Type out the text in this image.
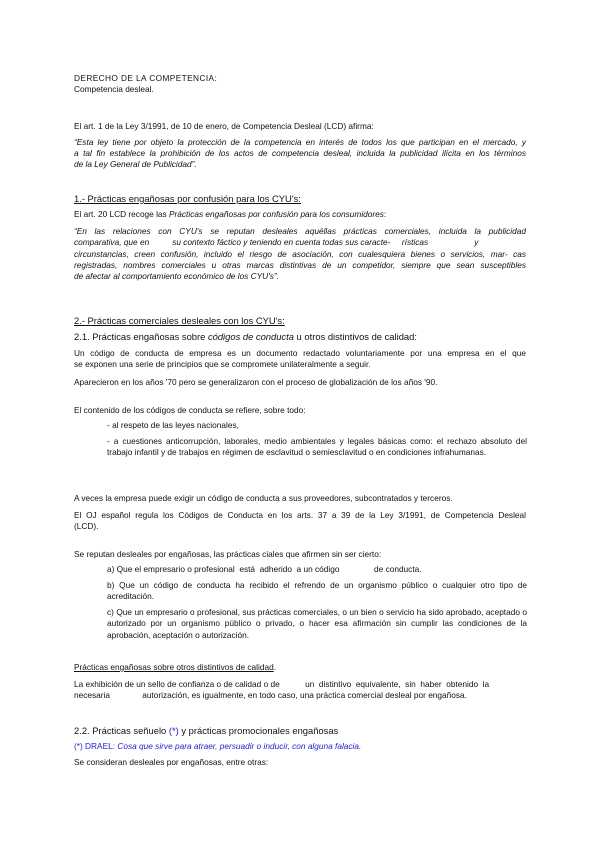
DERECHO DE LA COMPETENCIA:
Competencia desleal.
El art. 1 de la Ley 3/1991, de 10 de enero, de Competencia Desleal (LCD) afirma:
“Esta ley tiene por objeto la protección de la competencia en interés de todos los que participan en el mercado, y
a tal fin establece la prohibición de los actos de competencia desleal, incluida la publicidad ilícita en los términos
de la Ley General de Publicidad”.
1.- Prácticas engañosas por confusión para los CYU's:
El art. 20 LCD recoge las Prácticas engañosas por confusión para los consumidores:
“En las relaciones con CYU's se reputan desleales aquéllas prácticas comerciales, incluida la publicidad
comparativa, que en          su contexto fáctico y teniendo en cuenta todas sus caracte-     rísticas                    y
circunstancias, creen confusión, incluido el riesgo de asociación, con cualesquiera bienes o servicios, mar- cas
registradas, nombres comerciales u otras marcas distintivas de un competidor, siempre que sean susceptibles
de afectar al comportamiento económico de los CYU's”.
2.- Prácticas comerciales desleales con los CYU's:
2.1. Prácticas engañosas sobre códigos de conducta u otros distintivos de calidad:
Un código de conducta de empresa es un documento redactado voluntariamente por una empresa en el que
se exponen una serie de principios que se compromete unilateralmente a seguir.
Aparecieron en los años '70 pero se generalizaron con el proceso de globalización de los años '90.
El contenido de los códigos de conducta se refiere, sobre todo:
- al respeto de las leyes nacionales,
- a cuestiones anticorrupción, laborales, medio ambientales y legales básicas como: el rechazo absoluto del trabajo infantil y de trabajos en régimen de esclavitud o semiesclavitud o en condiciones infrahumanas.
A veces la empresa puede exigir un código de conducta a sus proveedores, subcontratados y terceros.
El OJ español regula los Códigos de Conducta en los arts. 37 a 39 de la Ley 3/1991, de Competencia Desleal
(LCD).
Se reputan desleales por engañosas, las prácticas ciales que afirmen sin ser cierto:
a) Que el empresario o profesional  está  adherido  a un código               de conducta.
b) Que un código de conducta ha recibido el refrendo de un organismo público o cualquier otro tipo de acreditación.
c) Que un empresario o profesional, sus prácticas comerciales, o un bien o servicio ha sido aprobado, aceptado o autorizado por un organismo público o privado, o hacer esa afirmación sin cumplir las condiciones de la aprobación, aceptación o autorización.
Prácticas engañosas sobre otros distintivos de calidad.
La exhibición de un sello de confianza o de calidad o de           un  distintivo  equivalente,  sin  haber  obtenido  la
necesaria              autorización, es igualmente, en todo caso, una práctica comercial desleal por engañosa.
2.2. Prácticas señuelo (*) y prácticas promocionales engañosas
(*) DRAEL: Cosa que sirve para atraer, persuadir o inducir, con alguna falacia.
Se consideran desleales por engañosas, entre otras:
